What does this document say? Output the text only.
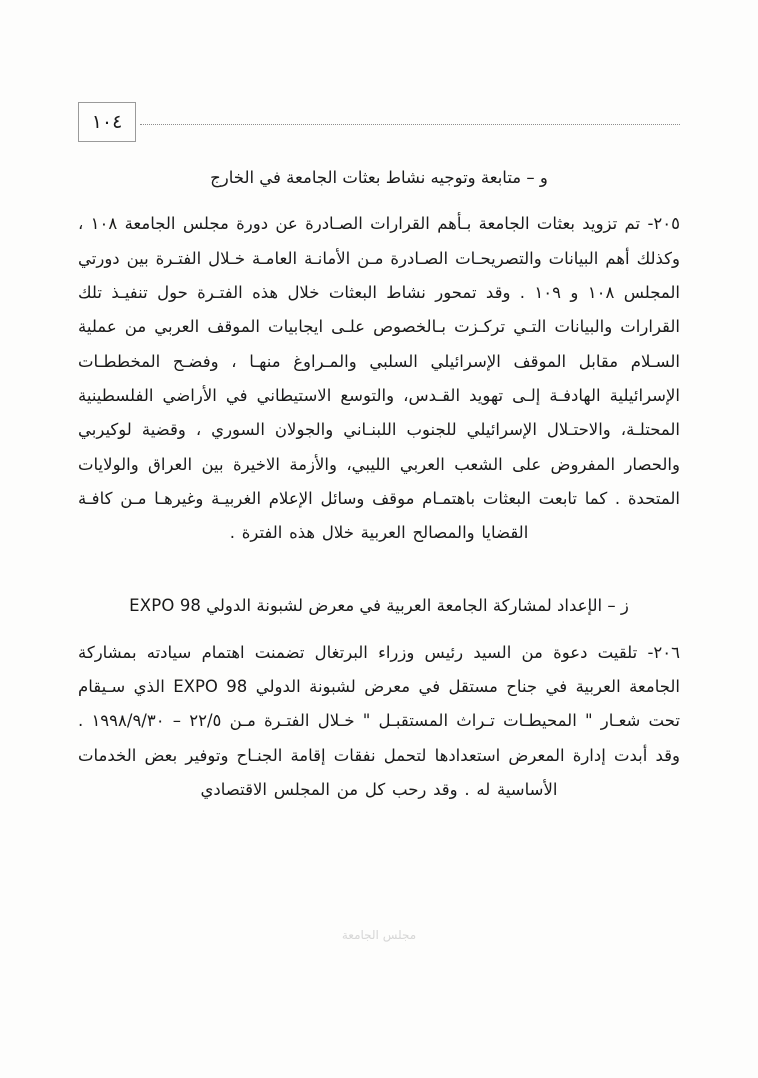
١٠٤
و – متابعة وتوجيه نشاط بعثات الجامعة في الخارج

٢٠٥- تم تزويد بعثات الجامعة بـأهم القرارات الصـادرة عن دورة مجلس الجامعة ١٠٨ ، وكذلك أهم البيانات والتصريحـات الصـادرة مـن الأمانـة العامـة خـلال الفتـرة بين دورتي المجلس ١٠٨ و ١٠٩ . وقد تمحور نشاط البعثات خلال هذه الفتـرة حول تنفيـذ تلك القرارات والبيانات التـي تركـزت بـالخصوص علـى ايجابيات الموقف العربي من عملية السـلام مقابل الموقف الإسرائيلي السلبي والمـراوغ منهـا ، وفضـح المخططـات الإسرائيلية الهادفـة إلـى تهويد القـدس، والتوسع الاستيطاني في الأراضي الفلسطينية المحتلـة، والاحتـلال الإسرائيلي للجنوب اللبنـاني والجولان السوري ، وقضية لوكيربي والحصار المفروض على الشعب العربي الليبي، والأزمة الاخيرة بين العراق والولايات المتحدة . كما تابعت البعثات باهتمـام موقف وسائل الإعلام الغربيـة وغيرهـا مـن كافـة القضايا والمصالح العربية خلال هذه الفترة .

ز – الإعداد لمشاركة الجامعة العربية في معرض لشبونة الدولي 98 EXPO

٢٠٦- تلقيت دعوة من السيد رئيس وزراء البرتغال تضمنت اهتمام سيادته بمشاركة الجامعة العربية في جناح مستقل في معرض لشبونة الدولي 98 EXPO الذي سـيقام تحت شعـار " المحيطـات تـراث المستقبـل " خـلال الفتـرة مـن ٢٢/٥ – ١٩٩٨/٩/٣٠ . وقد أبدت إدارة المعرض استعدادها لتحمل نفقات إقامة الجنـاح وتوفير بعض الخدمات الأساسية له . وقد رحب كل من المجلس الاقتصادي

مجلس الجامعة
